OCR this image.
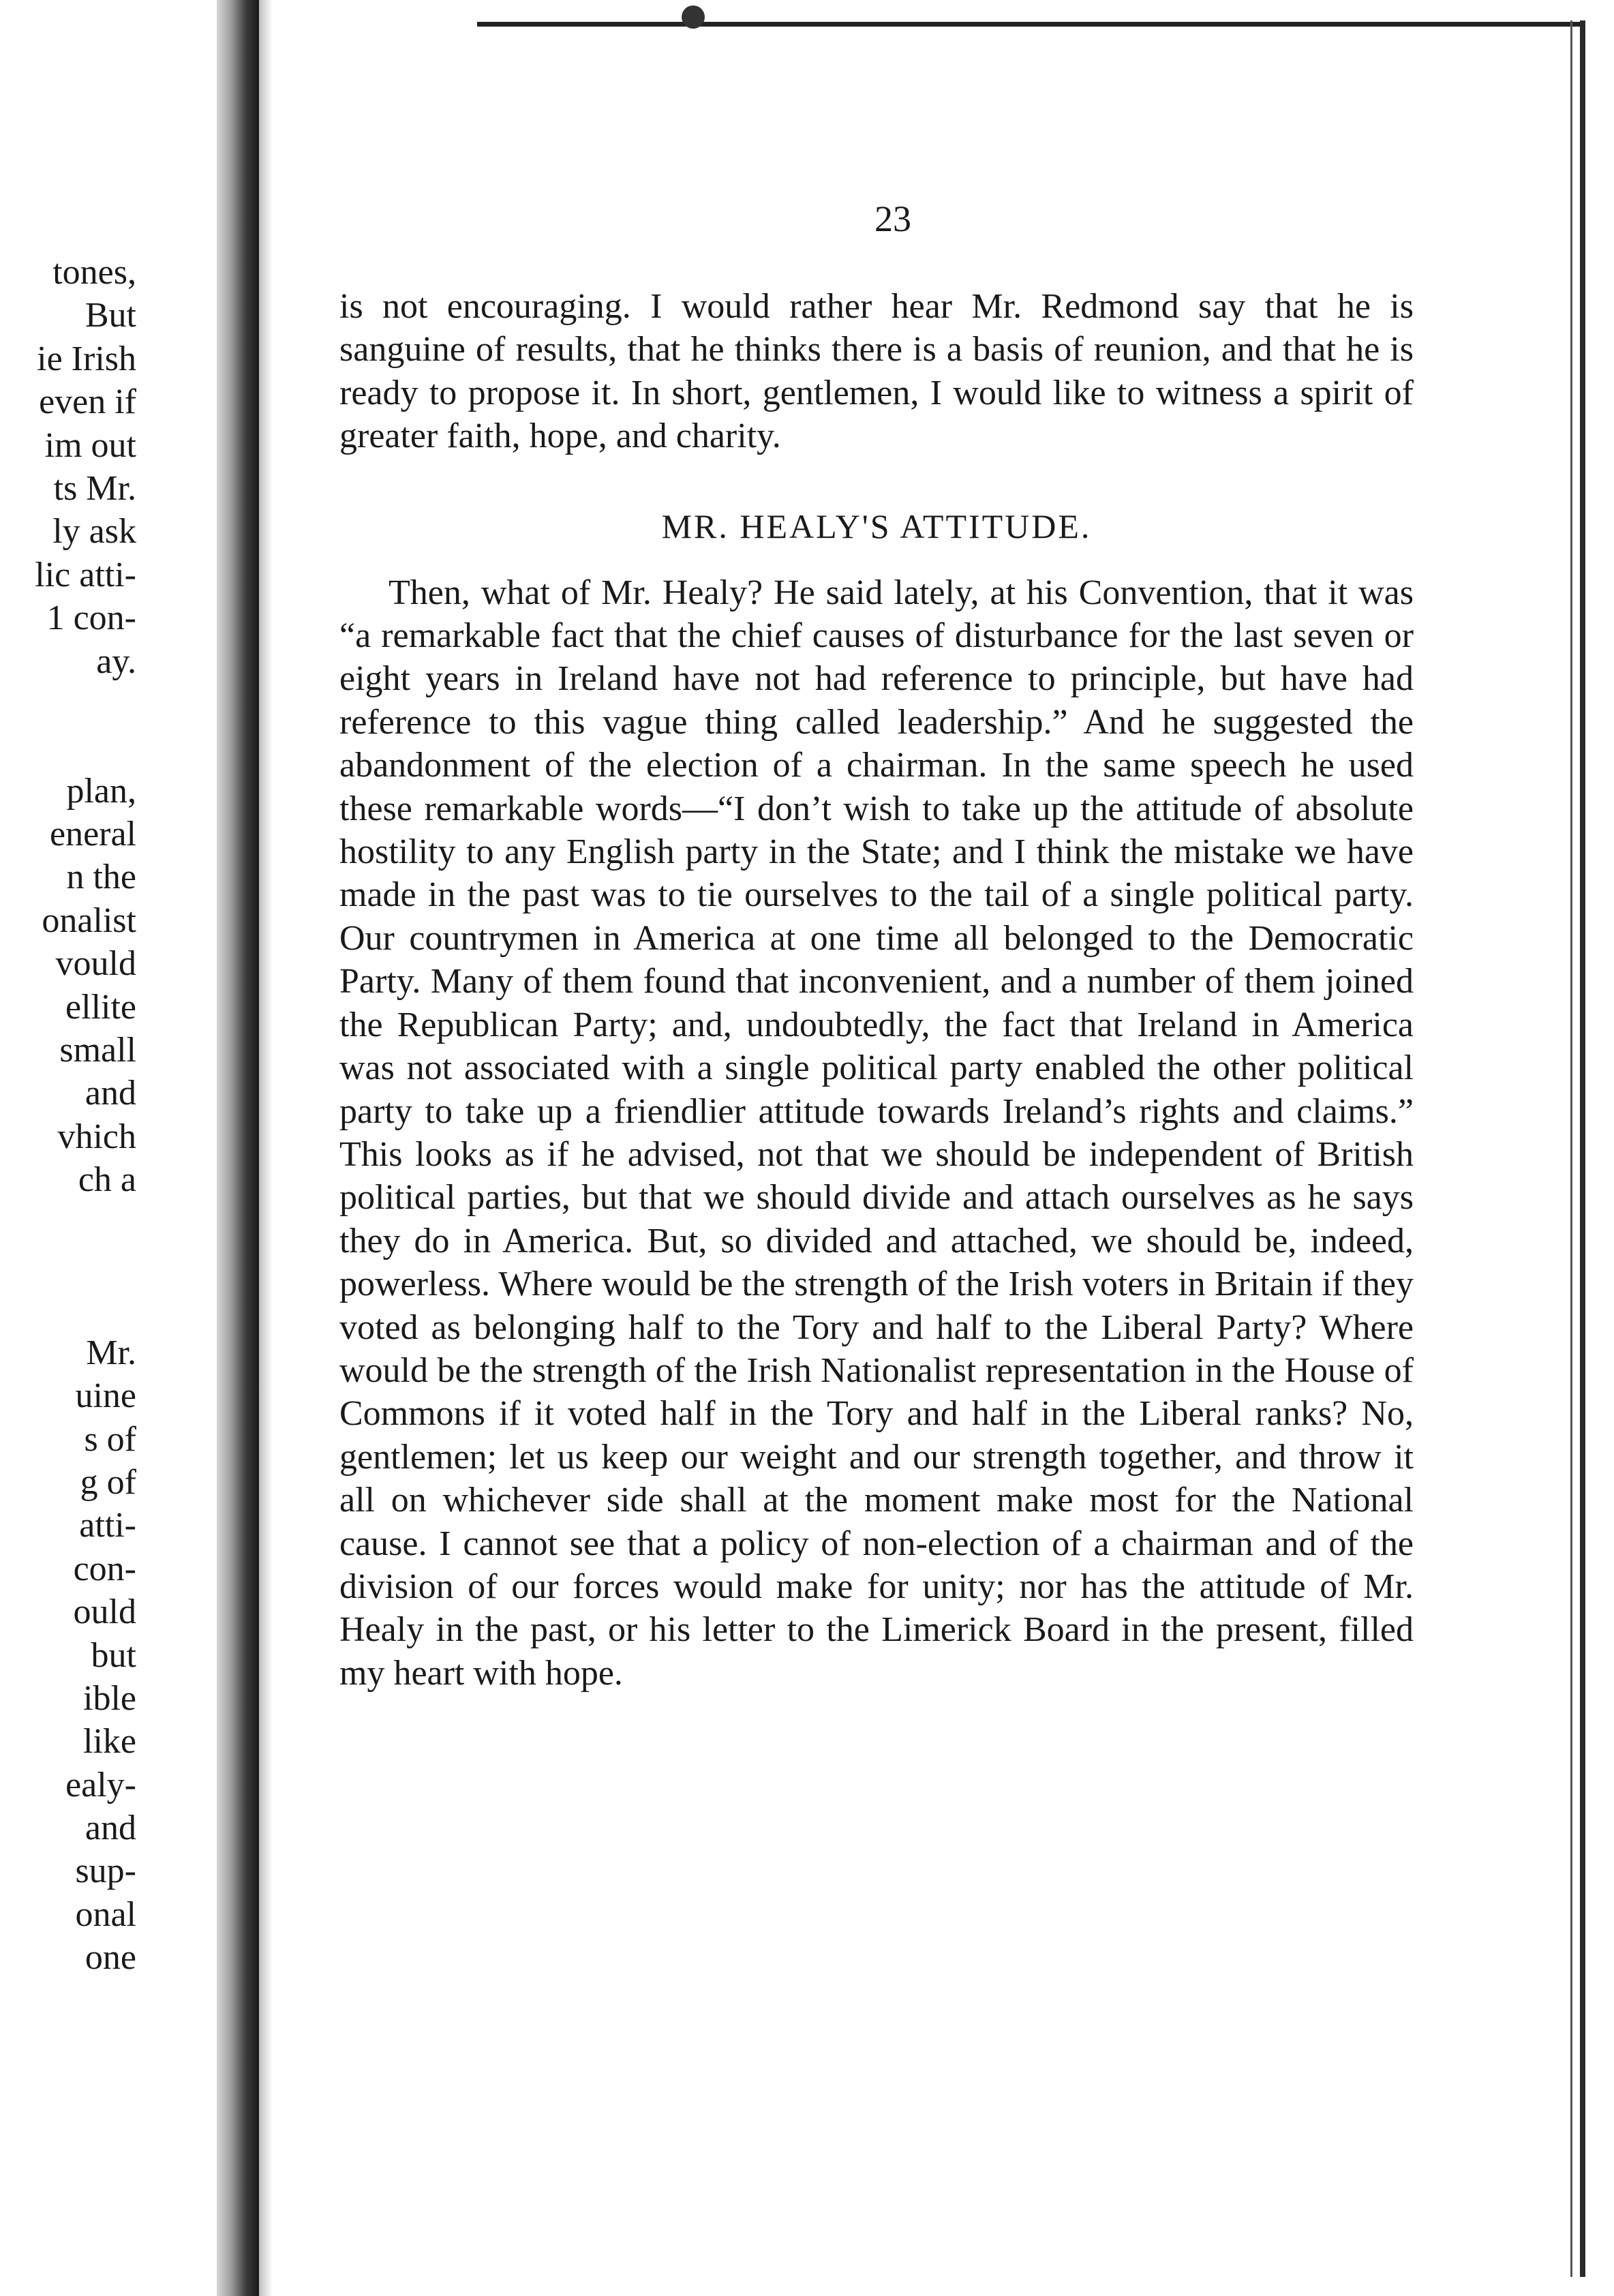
tones,
But
ie Irish
even if
im out
ts Mr.
ly ask
lic atti-
1 con-
ay.
plan,
eneral
n the
onalist
vould
ellite
small
and
vhich
ch a
Mr.
uine
s of
g of
atti-
con-
ould
but
ible
like
ealy-
and
sup-
onal
one
23

is not encouraging. I would rather hear Mr. Redmond say that he is sanguine of results, that he thinks there is a basis of reunion, and that he is ready to propose it. In short, gentlemen, I would like to witness a spirit of greater faith, hope, and charity.

MR. HEALY'S ATTITUDE.

Then, what of Mr. Healy? He said lately, at his Convention, that it was “a remarkable fact that the chief causes of disturbance for the last seven or eight years in Ireland have not had reference to principle, but have had reference to this vague thing called leadership.” And he suggested the abandonment of the election of a chairman. In the same speech he used these remarkable words—“I don’t wish to take up the attitude of absolute hostility to any English party in the State; and I think the mistake we have made in the past was to tie ourselves to the tail of a single political party. Our countrymen in America at one time all belonged to the Democratic Party. Many of them found that inconvenient, and a number of them joined the Republican Party; and, undoubtedly, the fact that Ireland in America was not associated with a single political party enabled the other political party to take up a friendlier attitude towards Ireland’s rights and claims.” This looks as if he advised, not that we should be independent of British political parties, but that we should divide and attach ourselves as he says they do in America. But, so divided and attached, we should be, indeed, powerless. Where would be the strength of the Irish voters in Britain if they voted as belonging half to the Tory and half to the Liberal Party? Where would be the strength of the Irish Nationalist representation in the House of Commons if it voted half in the Tory and half in the Liberal ranks? No, gentlemen; let us keep our weight and our strength together, and throw it all on whichever side shall at the moment make most for the National cause. I cannot see that a policy of non-election of a chairman and of the division of our forces would make for unity; nor has the attitude of Mr. Healy in the past, or his letter to the Limerick Board in the present, filled my heart with hope.
